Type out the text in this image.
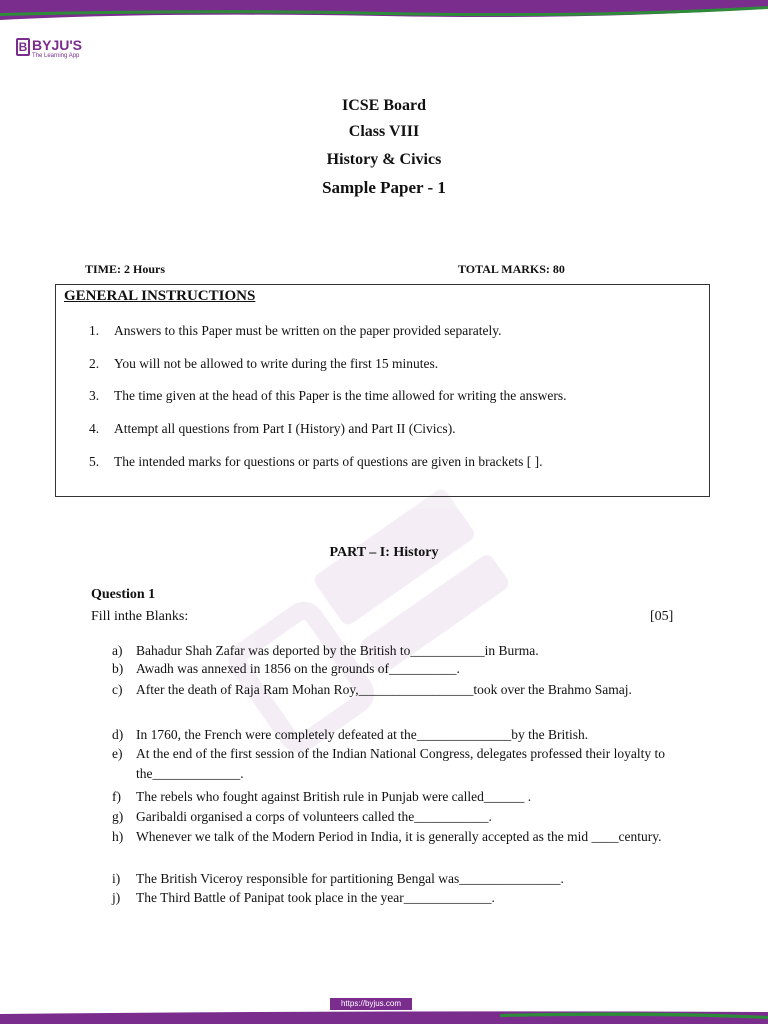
B BYJU'S
The Learning App
ICSE Board
Class VIII
History & Civics
Sample Paper - 1
TIME: 2 Hours	TOTAL MARKS: 80
GENERAL INSTRUCTIONS
1.	Answers to this Paper must be written on the paper provided separately.
2.	You will not be allowed to write during the first 15 minutes.
3.	The time given at the head of this Paper is the time allowed for writing the answers.
4.	Attempt all questions from Part I (History) and Part II (Civics).
5.	The intended marks for questions or parts of questions are given in brackets [ ].
PART – I: History
Question 1
Fill inthe Blanks:	[05]
a)	Bahadur Shah Zafar was deported by the British to___________in Burma.
b) Awadh was annexed in 1856 on the grounds of__________.
c)	After the death of Raja Ram Mohan Roy,_________________took over the Brahmo Samaj.
d) In 1760, the French were completely defeated at the______________by the British.
e)	At the end of the first session of the Indian National Congress, delegates professed their loyalty to the_____________.
f)	The rebels who fought against British rule in Punjab were called______ .
g) Garibaldi organised a corps of volunteers called the___________.
h) Whenever we talk of the Modern Period in India, it is generally accepted as the mid ____century.
i)	The British Viceroy responsible for partitioning Bengal was_______________.
j)	The Third Battle of Panipat took place in the year_____________.
https://byjus.com
